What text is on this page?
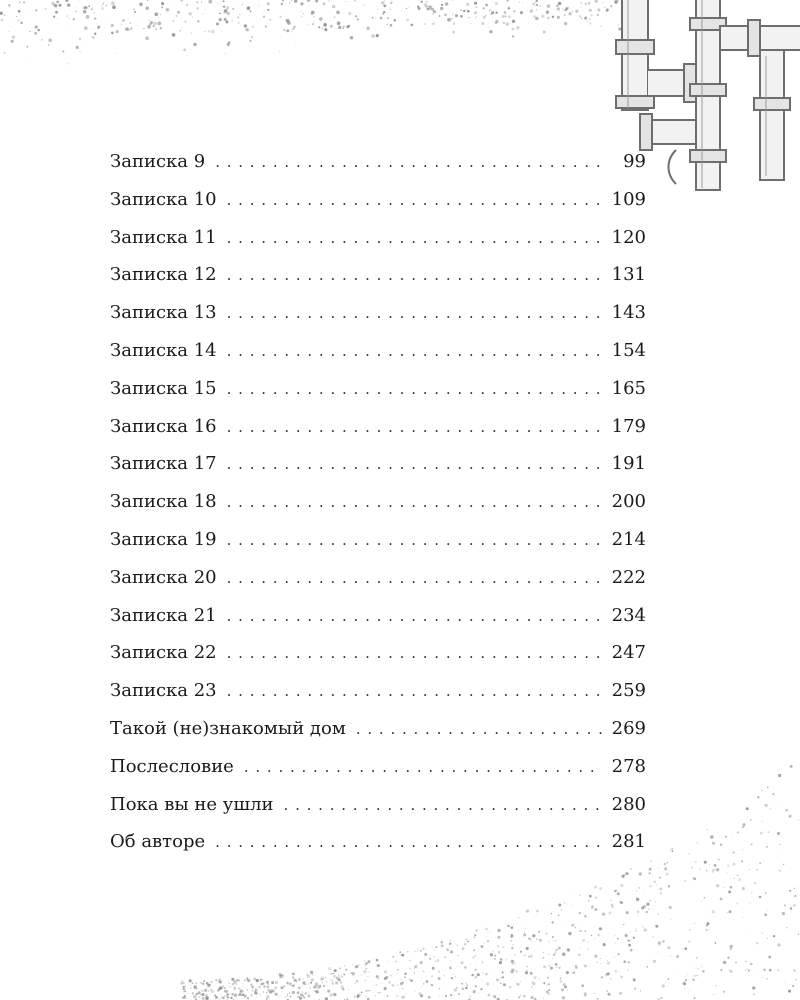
Записка 9 . . .	99
Записка 10 . . .	109
Записка 11 . . .	120
Записка 12 . . .	131
Записка 13 . . .	143
Записка 14 . . .	154
Записка 15 . . .	165
Записка 16 . . .	179
Записка 17 . . .	191
Записка 18 . . .	200
Записка 19 . . .	214
Записка 20 . . .	222
Записка 21 . . .	234
Записка 22 . . .	247
Записка 23 . . .	259
Такой (не)знакомый дом . . .	269
Послесловие . . .	278
Пока вы не ушли . . .	280
Об авторе . . .	281
